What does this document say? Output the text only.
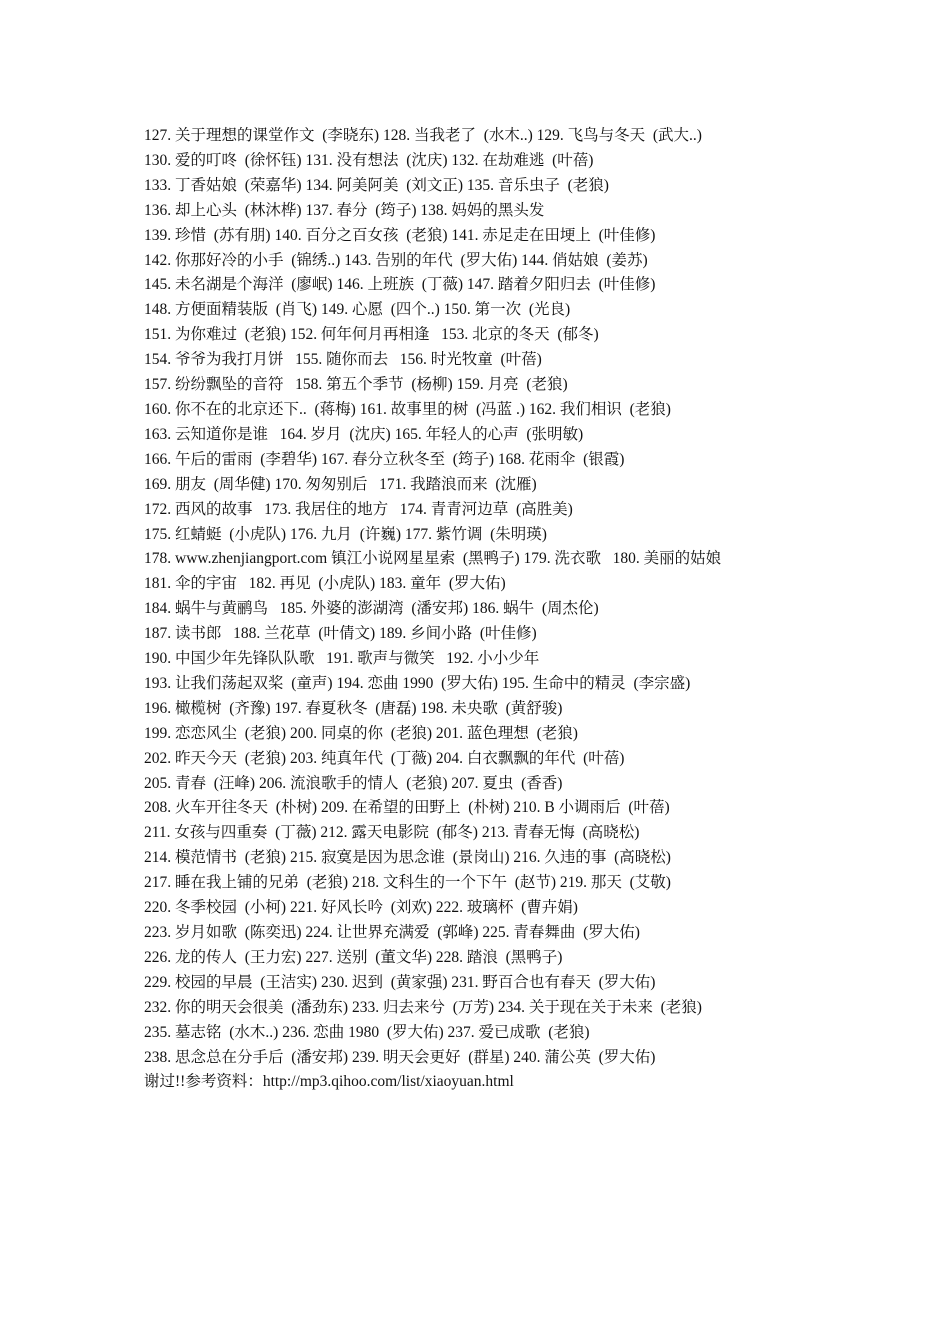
127. 关于理想的课堂作文  (李晓东) 128. 当我老了  (水木..) 129. 飞鸟与冬天  (武大..)
130. 爱的叮咚  (徐怀钰) 131. 没有想法  (沈庆) 132. 在劫难逃  (叶蓓)
133. 丁香姑娘  (荣嘉华) 134. 阿美阿美  (刘文正) 135. 音乐虫子  (老狼)
136. 却上心头  (林沐桦) 137. 春分  (筠子) 138. 妈妈的黑头发
139. 珍惜  (苏有朋) 140. 百分之百女孩  (老狼) 141. 赤足走在田埂上  (叶佳修)
142. 你那好冷的小手  (锦绣..) 143. 告别的年代  (罗大佑) 144. 俏姑娘  (姜苏)
145. 未名湖是个海洋  (廖岷) 146. 上班族  (丁薇) 147. 踏着夕阳归去  (叶佳修)
148. 方便面精装版  (肖飞) 149. 心愿  (四个..) 150. 第一次  (光良)
151. 为你难过  (老狼) 152. 何年何月再相逢   153. 北京的冬天  (郁冬)
154. 爷爷为我打月饼   155. 随你而去   156. 时光牧童  (叶蓓)
157. 纷纷飘坠的音符   158. 第五个季节  (杨柳) 159. 月亮  (老狼)
160. 你不在的北京还下..  (蒋梅) 161. 故事里的树  (冯蓝 .) 162. 我们相识  (老狼)
163. 云知道你是谁   164. 岁月  (沈庆) 165. 年轻人的心声  (张明敏)
166. 午后的雷雨  (李碧华) 167. 春分立秋冬至  (筠子) 168. 花雨伞  (银霞)
169. 朋友  (周华健) 170. 匆匆别后   171. 我踏浪而来  (沈雁)
172. 西风的故事   173. 我居住的地方   174. 青青河边草  (高胜美)
175. 红蜻蜓  (小虎队) 176. 九月  (许巍) 177. 紫竹调  (朱明瑛)
178. www.zhenjiangport.com 镇江小说网星星索  (黑鸭子) 179. 洗衣歌   180. 美丽的姑娘
181. 伞的宇宙   182. 再见  (小虎队) 183. 童年  (罗大佑)
184. 蜗牛与黄鹂鸟   185. 外婆的澎湖湾  (潘安邦) 186. 蜗牛  (周杰伦)
187. 读书郎   188. 兰花草  (叶倩文) 189. 乡间小路  (叶佳修)
190. 中国少年先锋队队歌   191. 歌声与微笑   192. 小小少年
193. 让我们荡起双桨  (童声) 194. 恋曲 1990  (罗大佑) 195. 生命中的精灵  (李宗盛)
196. 橄榄树  (齐豫) 197. 春夏秋冬  (唐磊) 198. 未央歌  (黄舒骏)
199. 恋恋风尘  (老狼) 200. 同桌的你  (老狼) 201. 蓝色理想  (老狼)
202. 昨天今天  (老狼) 203. 纯真年代  (丁薇) 204. 白衣飘飘的年代  (叶蓓)
205. 青春  (汪峰) 206. 流浪歌手的情人  (老狼) 207. 夏虫  (香香)
208. 火车开往冬天  (朴树) 209. 在希望的田野上  (朴树) 210. B 小调雨后  (叶蓓)
211. 女孩与四重奏  (丁薇) 212. 露天电影院  (郁冬) 213. 青春无悔  (高晓松)
214. 模范情书  (老狼) 215. 寂寞是因为思念谁  (景岗山) 216. 久违的事  (高晓松)
217. 睡在我上铺的兄弟  (老狼) 218. 文科生的一个下午  (赵节) 219. 那天  (艾敬)
220. 冬季校园  (小柯) 221. 好风长吟  (刘欢) 222. 玻璃杯  (曹卉娟)
223. 岁月如歌  (陈奕迅) 224. 让世界充满爱  (郭峰) 225. 青春舞曲  (罗大佑)
226. 龙的传人  (王力宏) 227. 送别  (董文华) 228. 踏浪  (黑鸭子)
229. 校园的早晨  (王洁实) 230. 迟到  (黄家强) 231. 野百合也有春天  (罗大佑)
232. 你的明天会很美  (潘劲东) 233. 归去来兮  (万芳) 234. 关于现在关于未来  (老狼)
235. 墓志铭  (水木..) 236. 恋曲 1980  (罗大佑) 237. 爱已成歌  (老狼)
238. 思念总在分手后  (潘安邦) 239. 明天会更好  (群星) 240. 蒲公英  (罗大佑)
谢过!!参考资料：http://mp3.qihoo.com/list/xiaoyuan.html
